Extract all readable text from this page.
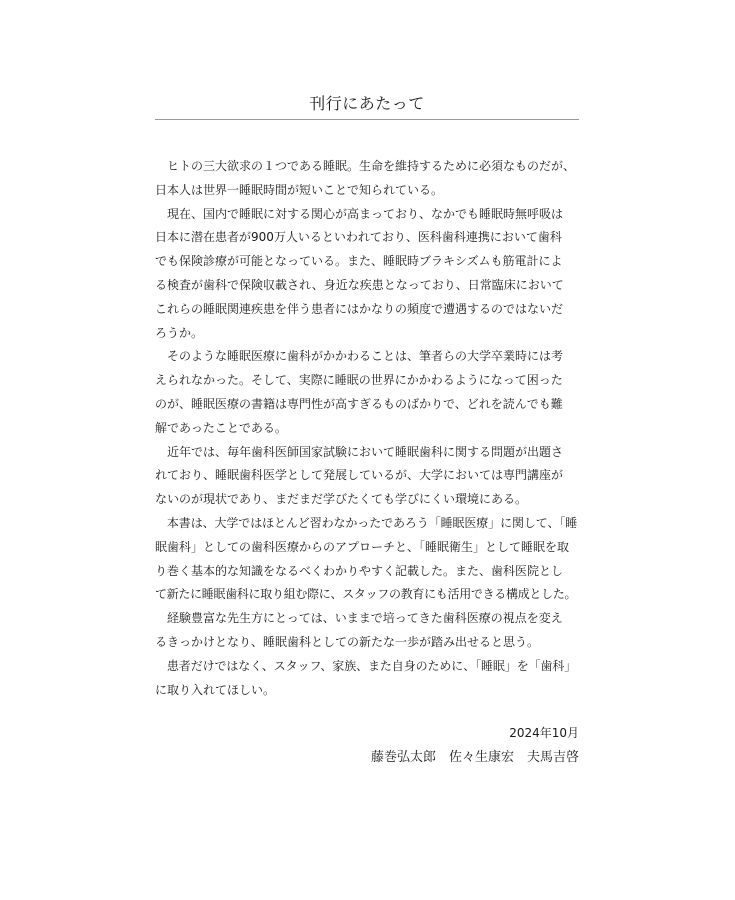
刊行にあたって
　ヒトの三大欲求の１つである睡眠。生命を維持するために必須なものだが、
日本人は世界一睡眠時間が短いことで知られている。
　現在、国内で睡眠に対する関心が高まっており、なかでも睡眠時無呼吸は
日本に潜在患者が900万人いるといわれており、医科歯科連携において歯科
でも保険診療が可能となっている。また、睡眠時ブラキシズムも筋電計によ
る検査が歯科で保険収載され、身近な疾患となっており、日常臨床において
これらの睡眠関連疾患を伴う患者にはかなりの頻度で遭遇するのではないだ
ろうか。
　そのような睡眠医療に歯科がかかわることは、筆者らの大学卒業時には考
えられなかった。そして、実際に睡眠の世界にかかわるようになって困った
のが、睡眠医療の書籍は専門性が高すぎるものばかりで、どれを読んでも難
解であったことである。
　近年では、毎年歯科医師国家試験において睡眠歯科に関する問題が出題さ
れており、睡眠歯科医学として発展しているが、大学においては専門講座が
ないのが現状であり、まだまだ学びたくても学びにくい環境にある。
　本書は、大学ではほとんど習わなかったであろう「睡眠医療」に関して、「睡
眠歯科」としての歯科医療からのアプローチと、「睡眠衛生」として睡眠を取
り巻く基本的な知識をなるべくわかりやすく記載した。また、歯科医院とし
て新たに睡眠歯科に取り組む際に、スタッフの教育にも活用できる構成とした。
　経験豊富な先生方にとっては、いままで培ってきた歯科医療の視点を変え
るきっかけとなり、睡眠歯科としての新たな一歩が踏み出せると思う。
　患者だけではなく、スタッフ、家族、また自身のために、「睡眠」を「歯科」
に取り入れてほしい。
2024年10月
藤巻弘太郎　佐々生康宏　夫馬吉啓
